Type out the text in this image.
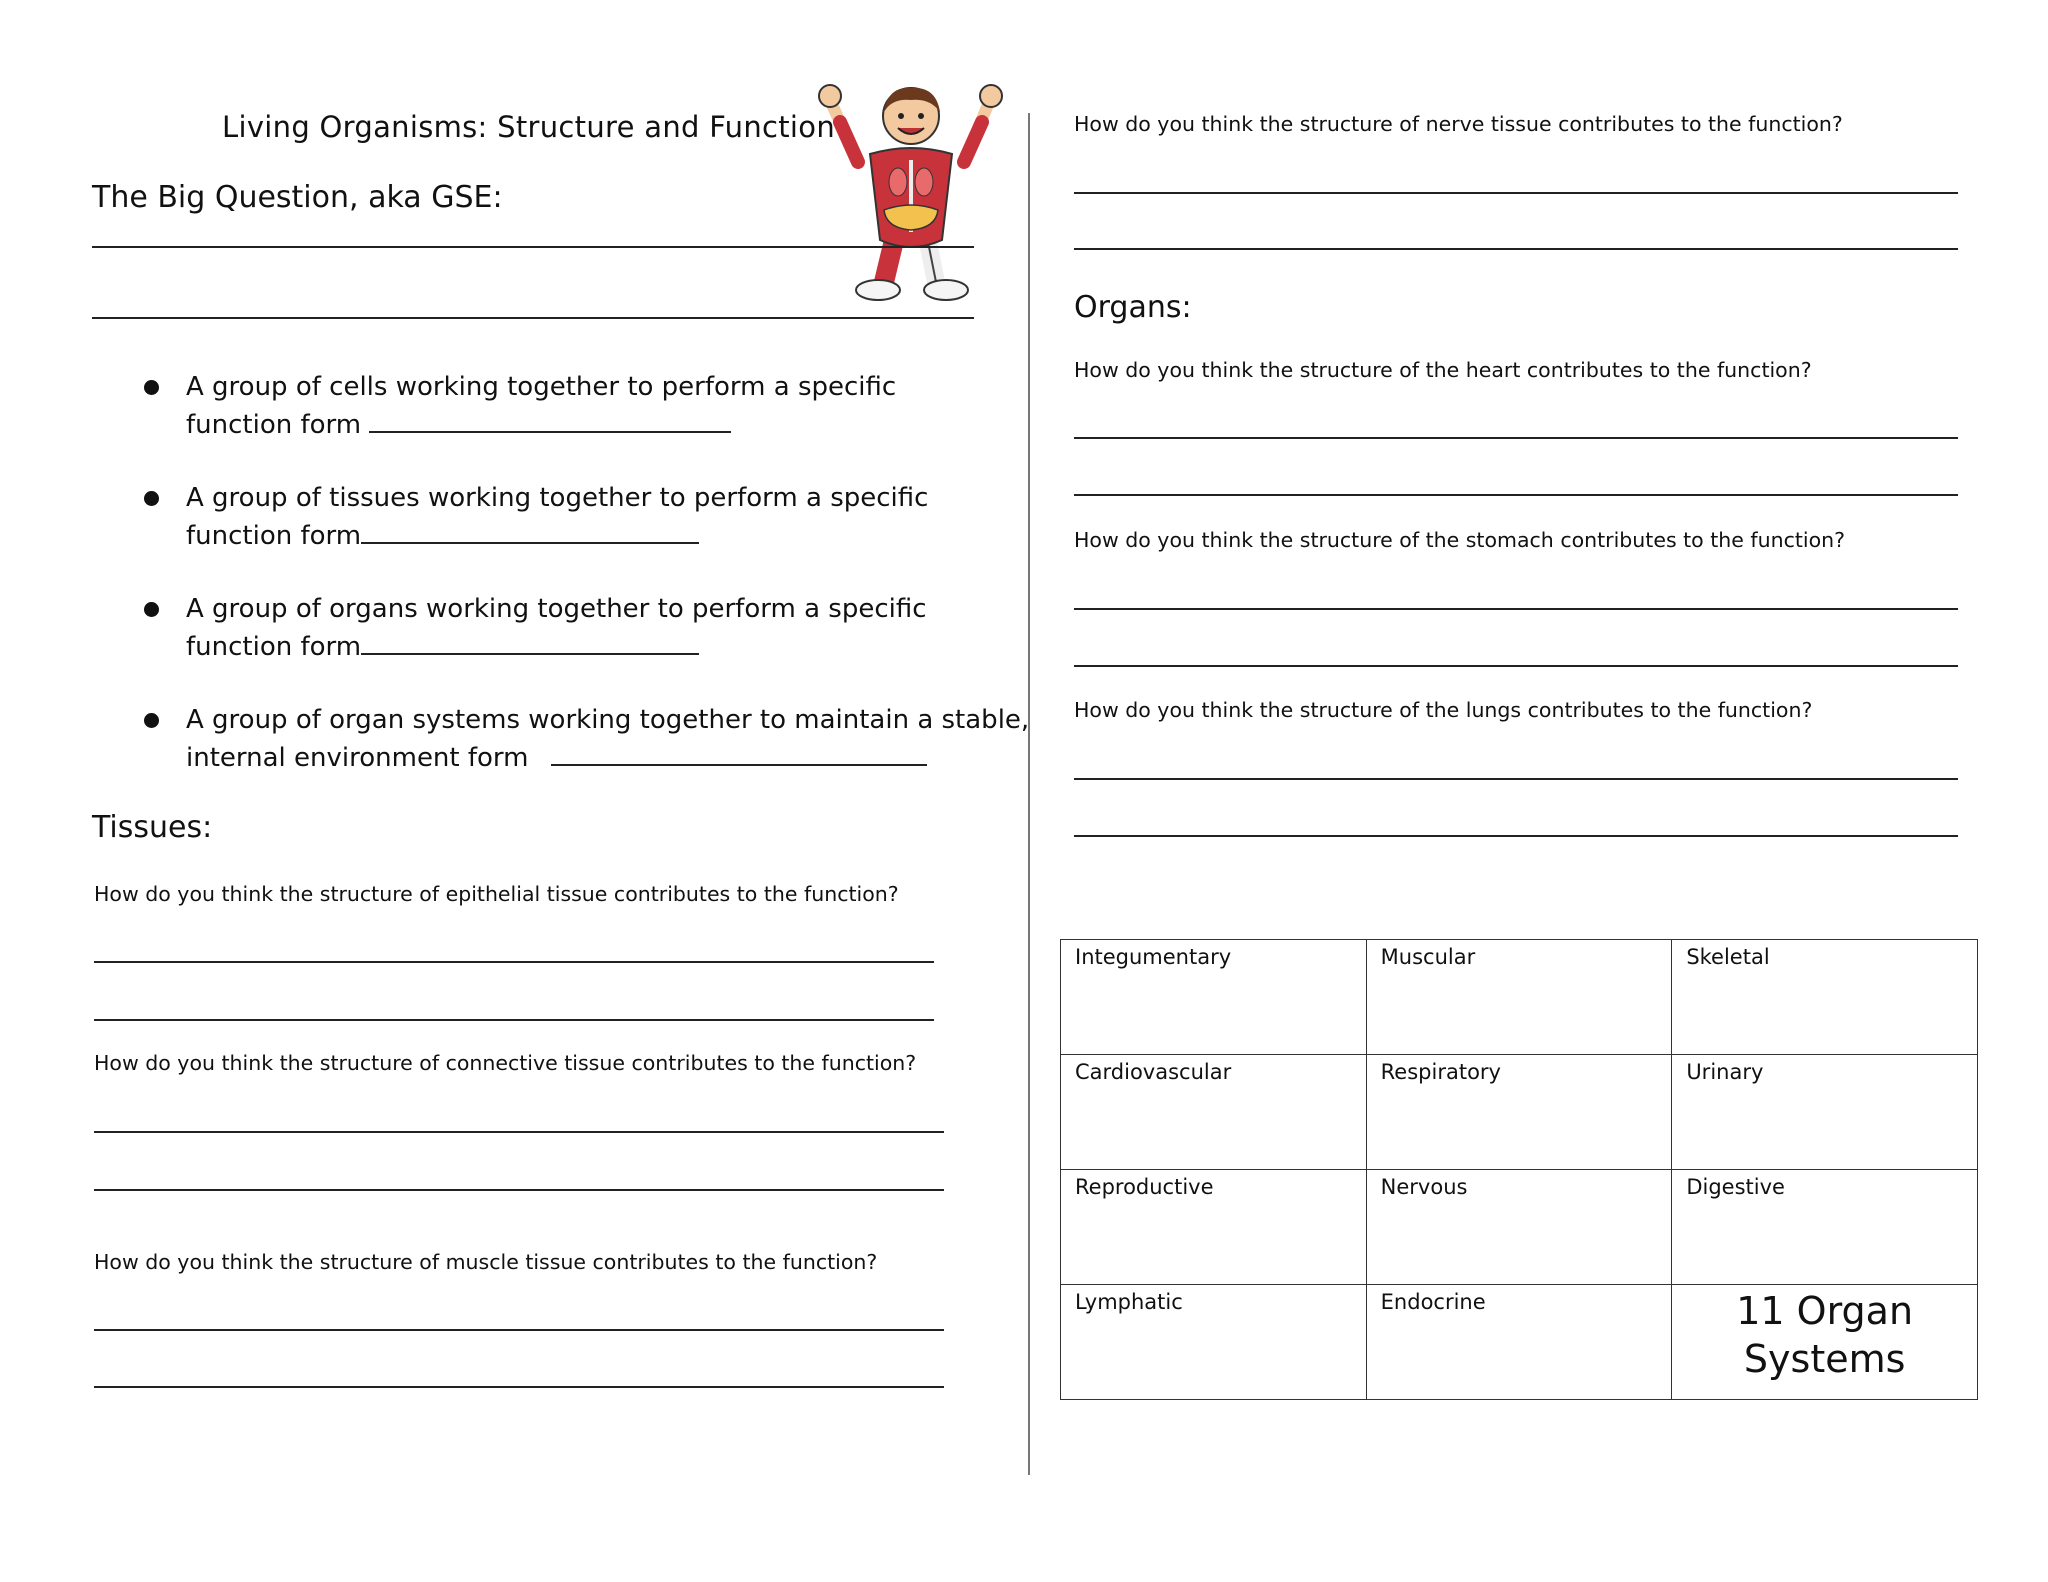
Living Organisms: Structure and Function
The Big Question, aka GSE:
A group of cells working together to perform a specific
function form
A group of tissues working together to perform a specific
function form
A group of organs working together to perform a specific
function form
A group of organ systems working together to maintain a stable,
internal environment form
Tissues:
How do you think the structure of epithelial tissue contributes to the function?
How do you think the structure of connective tissue contributes to the function?
How do you think the structure of muscle tissue contributes to the function?
How do you think the structure of nerve tissue contributes to the function?
Organs:
How do you think the structure of the heart contributes to the function?
How do you think the structure of the stomach contributes to the function?
How do you think the structure of the lungs contributes to the function?
Integumentary	Muscular	Skeletal

Cardiovascular	Respiratory	Urinary

Reproductive	Nervous	Digestive

Lymphatic	Endocrine	11 Organ
Systems
